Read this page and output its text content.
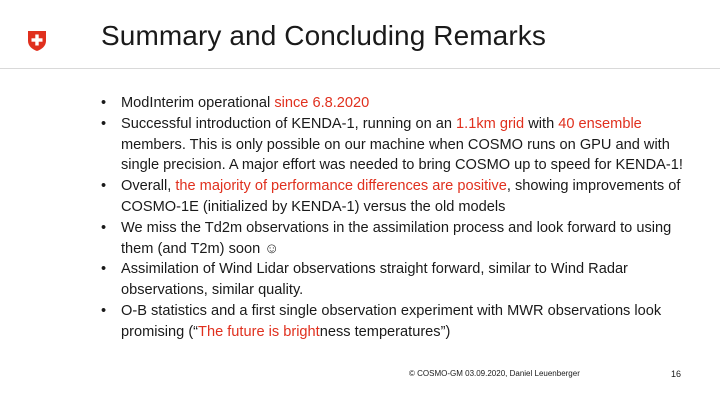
Summary and Concluding Remarks
• ModInterim operational since 6.8.2020
• Successful introduction of KENDA-1, running on an 1.1km grid with 40 ensemble members. This is only possible on our machine when COSMO runs on GPU and with single precision. A major effort was needed to bring COSMO up to speed for KENDA-1!
• Overall, the majority of performance differences are positive, showing improvements of COSMO-1E (initialized by KENDA-1) versus the old models
• We miss the Td2m observations in the assimilation process and look forward to using them (and T2m) soon ☺
• Assimilation of Wind Lidar observations straight forward, similar to Wind Radar observations, similar quality.
• O-B statistics and a first single observation experiment with MWR observations look promising (“The future is brightness temperatures”)
© COSMO-GM 03.09.2020, Daniel Leuenberger	16
